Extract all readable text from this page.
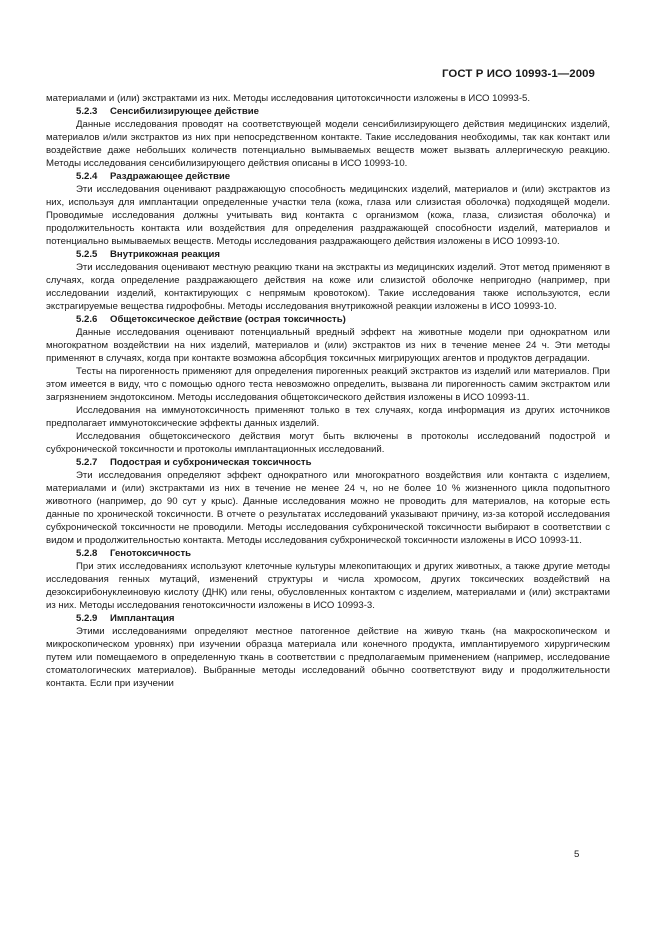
ГОСТ Р ИСО 10993-1—2009

материалами и (или) экстрактами из них. Методы исследования цитотоксичности изложены в ИСО 10993-5.

5.2.3 Сенсибилизирующее действие

Данные исследования проводят на соответствующей модели сенсибилизирующего действия медицинских изделий, материалов и/или экстрактов из них при непосредственном контакте. Такие исследования необходимы, так как контакт или воздействие даже небольших количеств потенциально вымываемых веществ может вызвать аллергическую реакцию. Методы исследования сенсибилизирующего действия описаны в ИСО 10993-10.

5.2.4 Раздражающее действие

Эти исследования оценивают раздражающую способность медицинских изделий, материалов и (или) экстрактов из них, используя для имплантации определенные участки тела (кожа, глаза или слизистая оболочка) подходящей модели. Проводимые исследования должны учитывать вид контакта с организмом (кожа, глаза, слизистая оболочка) и продолжительность контакта или воздействия для определения раздражающей способности изделий, материалов и потенциально вымываемых веществ. Методы исследования раздражающего действия изложены в ИСО 10993-10.

5.2.5 Внутрикожная реакция

Эти исследования оценивают местную реакцию ткани на экстракты из медицинских изделий. Этот метод применяют в случаях, когда определение раздражающего действия на коже или слизистой оболочке непригодно (например, при исследовании изделий, контактирующих с непрямым кровотоком). Такие исследования также используются, если экстрагируемые вещества гидрофобны. Методы исследования внутрикожной реакции изложены в ИСО 10993-10.

5.2.6 Общетоксическое действие (острая токсичность)

Данные исследования оценивают потенциальный вредный эффект на животные модели при однократном или многократном воздействии на них изделий, материалов и (или) экстрактов из них в течение менее 24 ч. Эти методы применяют в случаях, когда при контакте возможна абсорбция токсичных мигрирующих агентов и продуктов деградации.

Тесты на пирогенность применяют для определения пирогенных реакций экстрактов из изделий или материалов. При этом имеется в виду, что с помощью одного теста невозможно определить, вызвана ли пирогенность самим экстрактом или загрязнением эндотоксином. Методы исследования общетоксического действия изложены в ИСО 10993-11.

Исследования на иммунотоксичность применяют только в тех случаях, когда информация из других источников предполагает иммунотоксические эффекты данных изделий.

Исследования общетоксического действия могут быть включены в протоколы исследований подострой и субхронической токсичности и протоколы имплантационных исследований.

5.2.7 Подострая и субхроническая токсичность

Эти исследования определяют эффект однократного или многократного воздействия или контакта с изделием, материалами и (или) экстрактами из них в течение не менее 24 ч, но не более 10 % жизненного цикла подопытного животного (например, до 90 сут у крыс). Данные исследования можно не проводить для материалов, на которые есть данные по хронической токсичности. В отчете о результатах исследований указывают причину, из-за которой исследования субхронической токсичности не проводили. Методы исследования субхронической токсичности выбирают в соответствии с видом и продолжительностью контакта. Методы исследования субхронической токсичности изложены в ИСО 10993-11.

5.2.8 Генотоксичность

При этих исследованиях используют клеточные культуры млекопитающих и других животных, а также другие методы исследования генных мутаций, изменений структуры и числа хромосом, других токсических воздействий на дезоксирибонуклеиновую кислоту (ДНК) или гены, обусловленных контактом с изделием, материалами и (или) экстрактами из них. Методы исследования генотоксичности изложены в ИСО 10993-3.

5.2.9 Имплантация

Этими исследованиями определяют местное патогенное действие на живую ткань (на макроскопическом и микроскопическом уровнях) при изучении образца материала или конечного продукта, имплантируемого хирургическим путем или помещаемого в определенную ткань в соответствии с предполагаемым применением (например, исследование стоматологических материалов). Выбранные методы исследований обычно соответствуют виду и продолжительности контакта. Если при изучении

5
